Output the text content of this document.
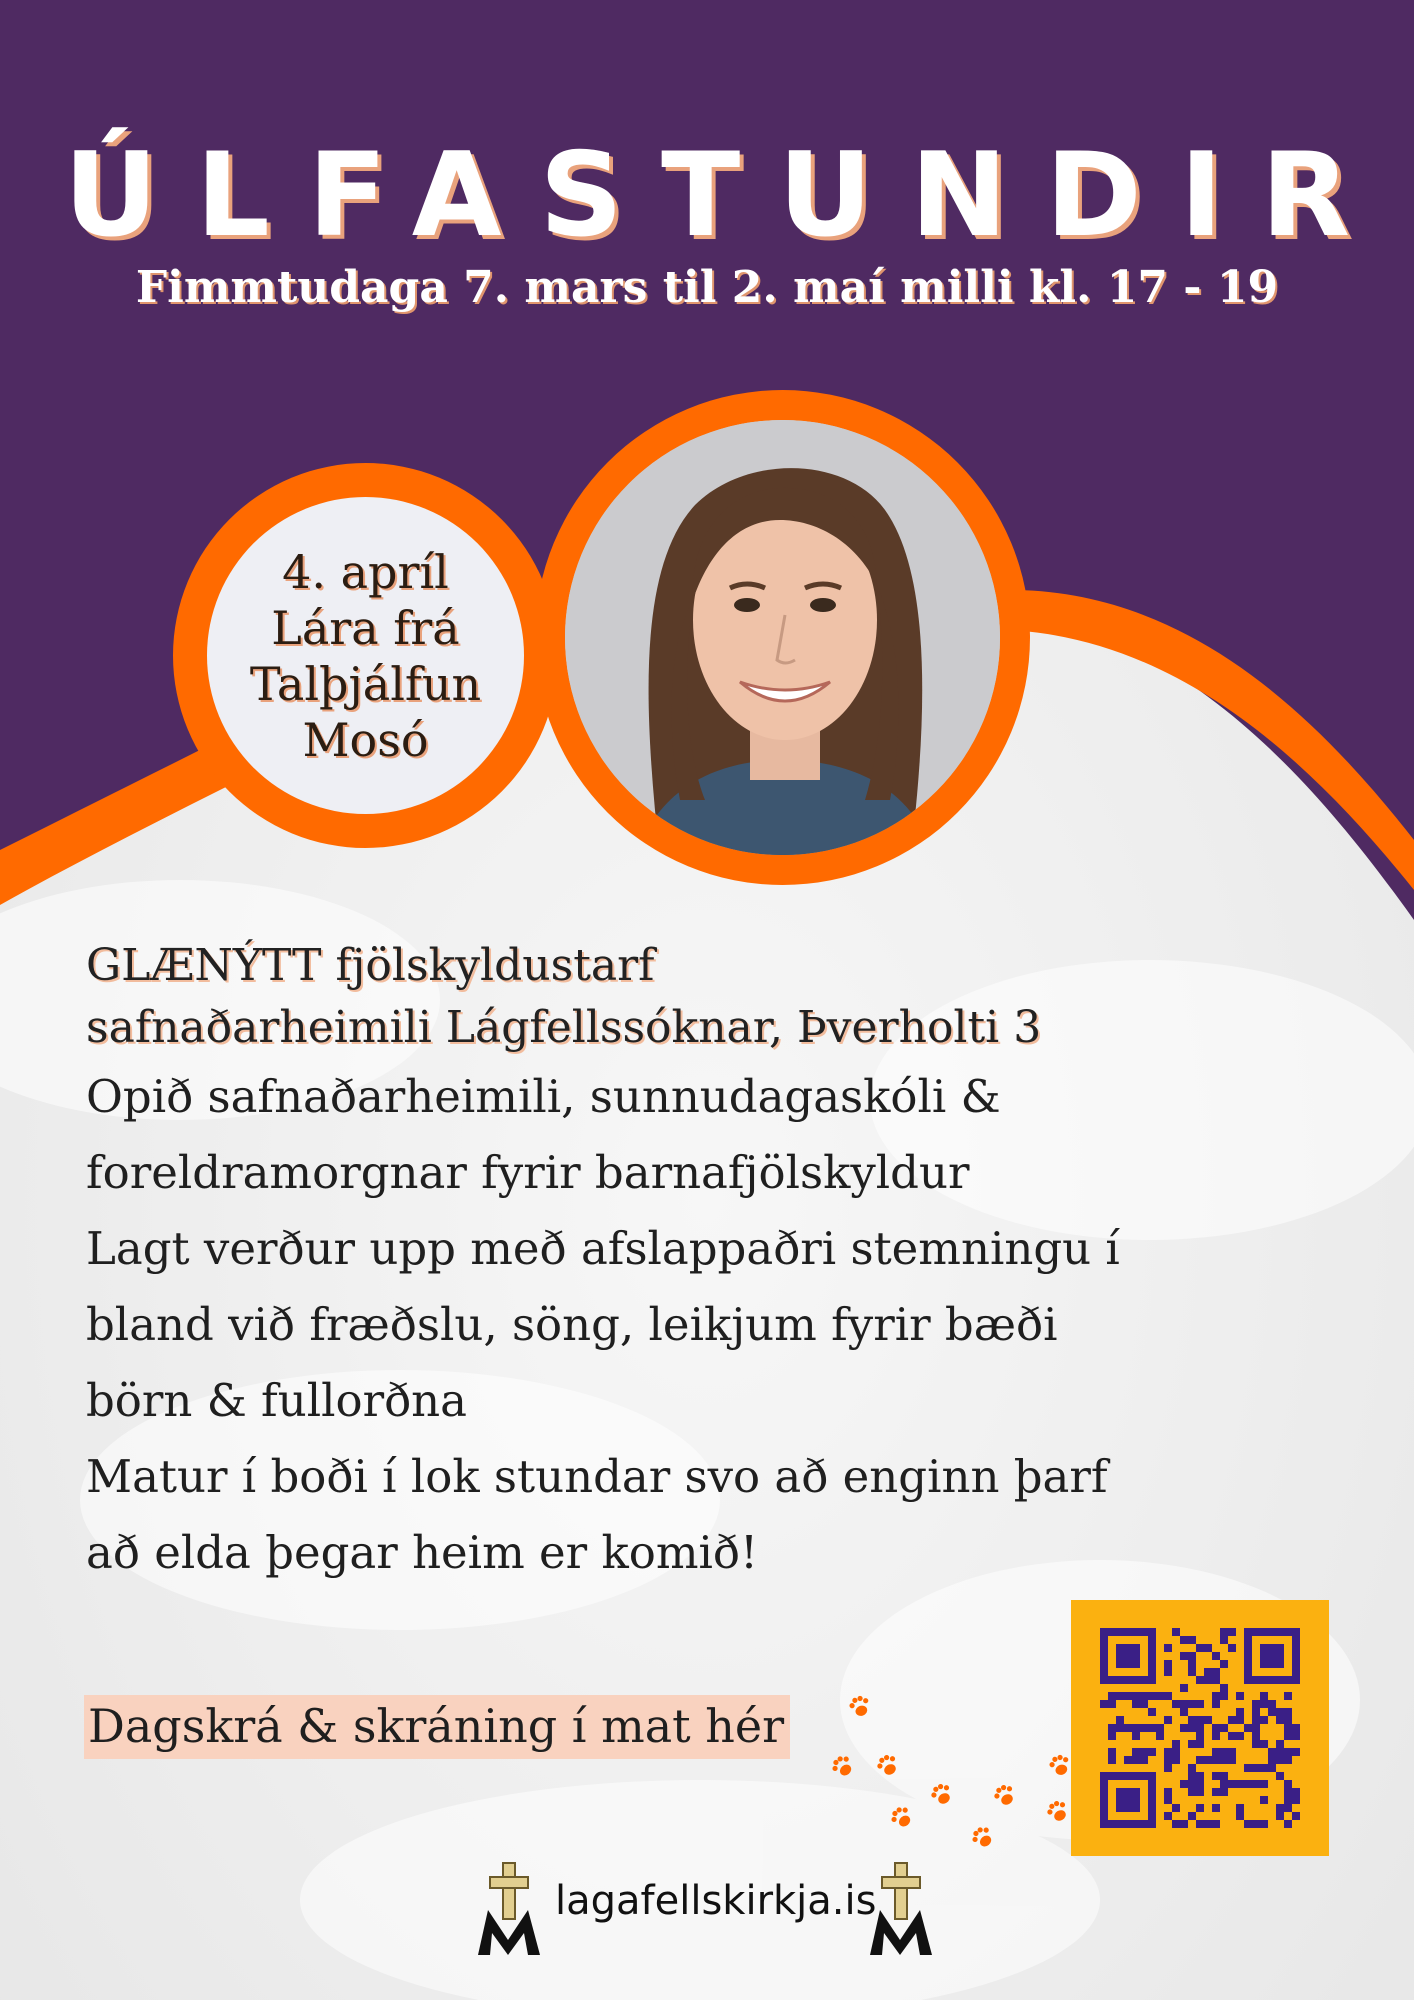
ÚLFASTUNDIR
Fimmtudaga 7. mars til 2. maí milli kl. 17 - 19
4. apríl
Lára frá
Talþjálfun
Mosó

GLÆNÝTT fjölskyldustarf

safnaðarheimili Lágfellssóknar, Þverholti 3

Opið safnaðarheimili, sunnudagaskóli &

foreldramorgnar fyrir barnafjölskyldur

Lagt verður upp með afslappaðri stemningu í

bland við fræðslu, söng, leikjum fyrir bæði

börn & fullorðna

Matur í boði í lok stundar svo að enginn þarf

að elda þegar heim er komið!

Dagskrá & skráning í mat hér
lagafellskirkja.is
